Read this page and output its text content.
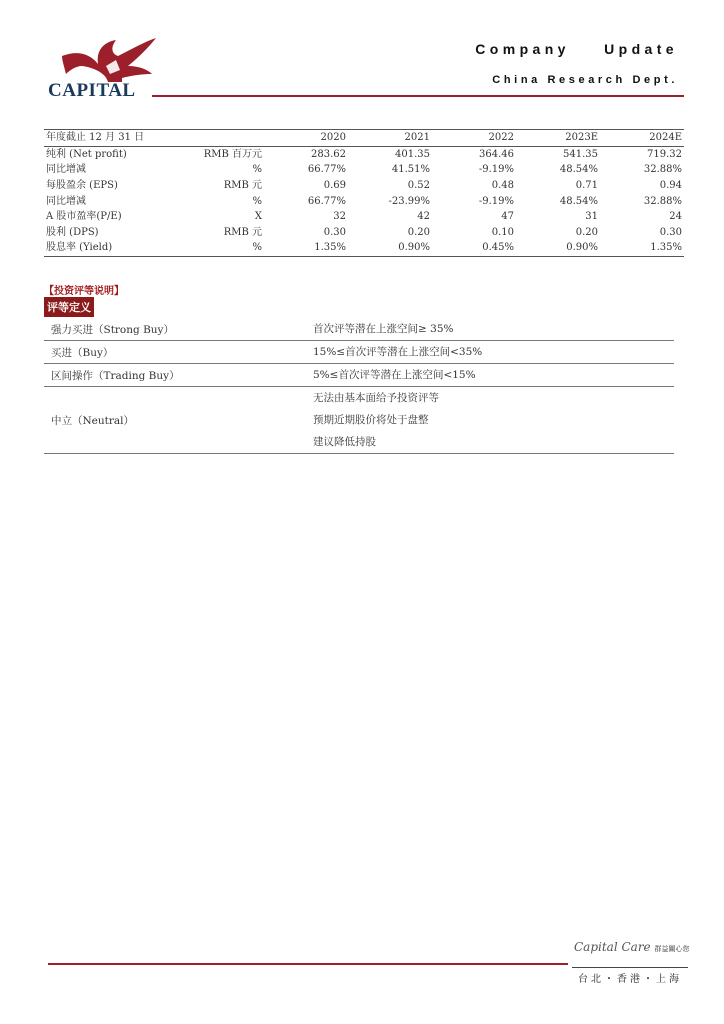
CAPITAL
Company Update
China Research Dept.
年度截止 12 月 31 日		2020	2021	2022	2023E	2024E
纯利 (Net profit)	RMB 百万元	283.62	401.35	364.46	541.35	719.32
同比增减	%	66.77%	41.51%	-9.19%	48.54%	32.88%
每股盈余 (EPS)	RMB 元	0.69	0.52	0.48	0.71	0.94
同比增减	%	66.77%	-23.99%	-9.19%	48.54%	32.88%
A 股市盈率(P/E)	X	32	42	47	31	24
股利 (DPS)	RMB 元	0.30	0.20	0.10	0.20	0.30
股息率 (Yield)	%	1.35%	0.90%	0.45%	0.90%	1.35%
【投资评等说明】
评等定义
强力买进（Strong Buy）	首次评等潜在上涨空间≥ 35%

买进（Buy）	15%≤首次评等潜在上涨空间<35%

区间操作（Trading Buy）	5%≤首次评等潜在上涨空间<15%

中立（Neutral）	无法由基本面给予投资评等
预期近期股价将处于盘整
建议降低持股
Capital Care 群益關心您
台北・香港・上海
